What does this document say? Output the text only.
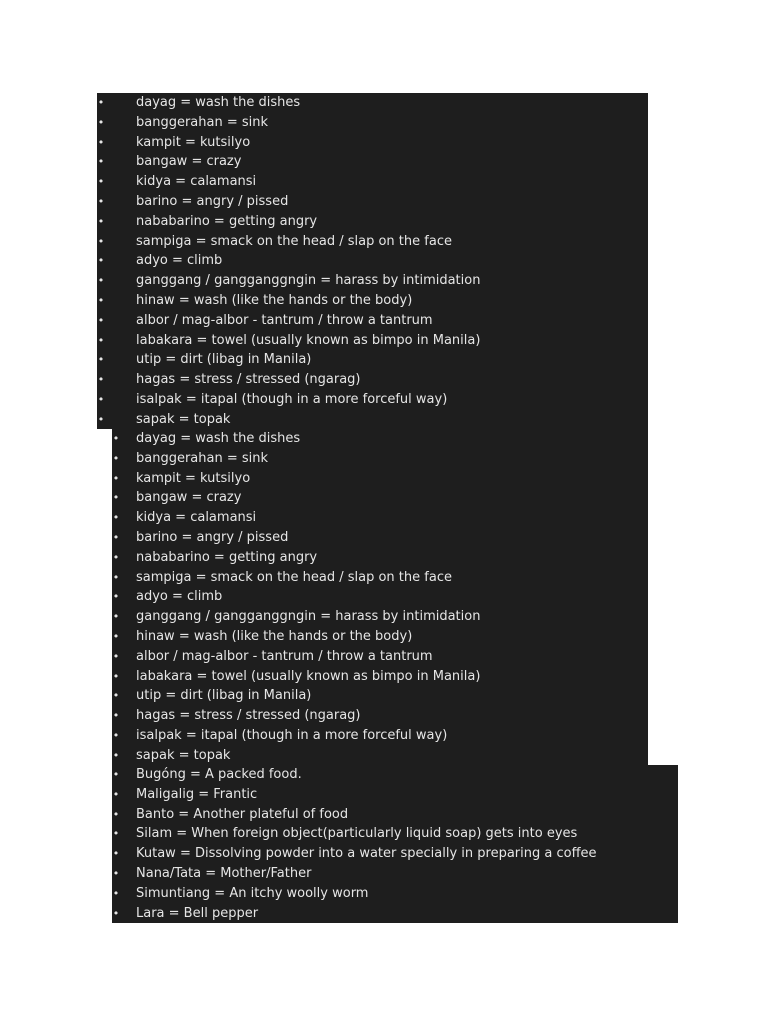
• dayag = wash the dishes
• banggerahan = sink
• kampit = kutsilyo
• bangaw = crazy
• kidya = calamansi
• barino = angry / pissed
• nababarino = getting angry
• sampiga = smack on the head / slap on the face
• adyo = climb
• ganggang / gangganggngin = harass by intimidation
• hinaw = wash (like the hands or the body)
• albor / mag-albor - tantrum / throw a tantrum
• labakara = towel (usually known as bimpo in Manila)
• utip = dirt (libag in Manila)
• hagas = stress / stressed (ngarag)
• isalpak = itapal (though in a more forceful way)
• sapak = topak
• dayag = wash the dishes
• banggerahan = sink
• kampit = kutsilyo
• bangaw = crazy
• kidya = calamansi
• barino = angry / pissed
• nababarino = getting angry
• sampiga = smack on the head / slap on the face
• adyo = climb
• ganggang / gangganggngin = harass by intimidation
• hinaw = wash (like the hands or the body)
• albor / mag-albor - tantrum / throw a tantrum
• labakara = towel (usually known as bimpo in Manila)
• utip = dirt (libag in Manila)
• hagas = stress / stressed (ngarag)
• isalpak = itapal (though in a more forceful way)
• sapak = topak
• Bugóng = A packed food.
• Maligalig = Frantic
• Banto = Another plateful of food
• Silam = When foreign object(particularly liquid soap) gets into eyes
• Kutaw = Dissolving powder into a water specially in preparing a coffee
• Nana/Tata = Mother/Father
• Simuntiang = An itchy woolly worm
• Lara = Bell pepper
